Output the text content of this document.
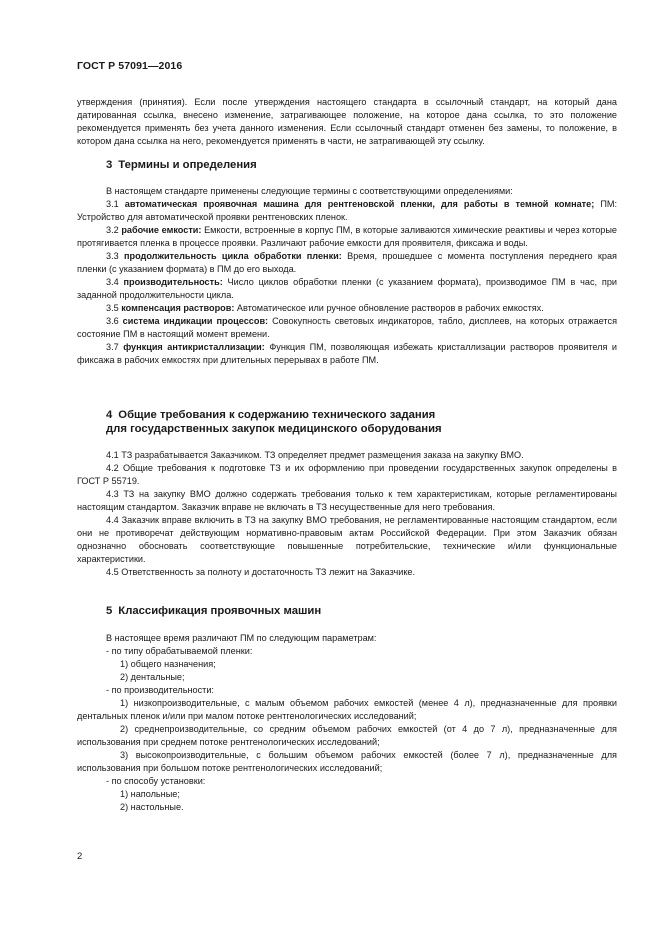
ГОСТ Р 57091—2016

утверждения (принятия). Если после утверждения настоящего стандарта в ссылочный стандарт, на который дана датированная ссылка, внесено изменение, затрагивающее положение, на которое дана ссылка, то это положение рекомендуется применять без учета данного изменения. Если ссылочный стандарт отменен без замены, то положение, в котором дана ссылка на него, рекомендуется применять в части, не затрагивающей эту ссылку.

3 Термины и определения

В настоящем стандарте применены следующие термины с соответствующими определениями:

3.1 автоматическая проявочная машина для рентгеновской пленки, для работы в темной комнате; ПМ: Устройство для автоматической проявки рентгеновских пленок.

3.2 рабочие емкости: Емкости, встроенные в корпус ПМ, в которые заливаются химические реактивы и через которые протягивается пленка в процессе проявки. Различают рабочие емкости для проявителя, фиксажа и воды.

3.3 продолжительность цикла обработки пленки: Время, прошедшее с момента поступления переднего края пленки (с указанием формата) в ПМ до его выхода.

3.4 производительность: Число циклов обработки пленки (с указанием формата), производимое ПМ в час, при заданной продолжительности цикла.

3.5 компенсация растворов: Автоматическое или ручное обновление растворов в рабочих емкостях.

3.6 система индикации процессов: Совокупность световых индикаторов, табло, дисплеев, на которых отражается состояние ПМ в настоящий момент времени.

3.7 функция антикристаллизации: Функция ПМ, позволяющая избежать кристаллизации растворов проявителя и фиксажа в рабочих емкостях при длительных перерывах в работе ПМ.

4 Общие требования к содержанию технического задания
для государственных закупок медицинского оборудования

4.1 ТЗ разрабатывается Заказчиком. ТЗ определяет предмет размещения заказа на закупку ВМО.

4.2 Общие требования к подготовке ТЗ и их оформлению при проведении государственных закупок определены в ГОСТ Р 55719.

4.3 ТЗ на закупку ВМО должно содержать требования только к тем характеристикам, которые регламентированы настоящим стандартом. Заказчик вправе не включать в ТЗ несущественные для него требования.

4.4 Заказчик вправе включить в ТЗ на закупку ВМО требования, не регламентированные настоящим стандартом, если они не противоречат действующим нормативно-правовым актам Российской Федерации. При этом Заказчик обязан однозначно обосновать соответствующие повышенные потребительские, технические и/или функциональные характеристики.

4.5 Ответственность за полноту и достаточность ТЗ лежит на Заказчике.

5 Классификация проявочных машин
В настоящее время различают ПМ по следующим параметрам:
- по типу обрабатываемой пленки:
1) общего назначения;
2) дентальные;
- по производительности:
1) низкопроизводительные, с малым объемом рабочих емкостей (менее 4 л), предназначенные для проявки дентальных пленок и/или при малом потоке рентгенологических исследований;
2) среднепроизводительные, со средним объемом рабочих емкостей (от 4 до 7 л), предназначенные для использования при среднем потоке рентгенологических исследований;
3) высокопроизводительные, с большим объемом рабочих емкостей (более 7 л), предназначенные для использования при большом потоке рентгенологических исследований;
- по способу установки:
1) напольные;
2) настольные.
2
